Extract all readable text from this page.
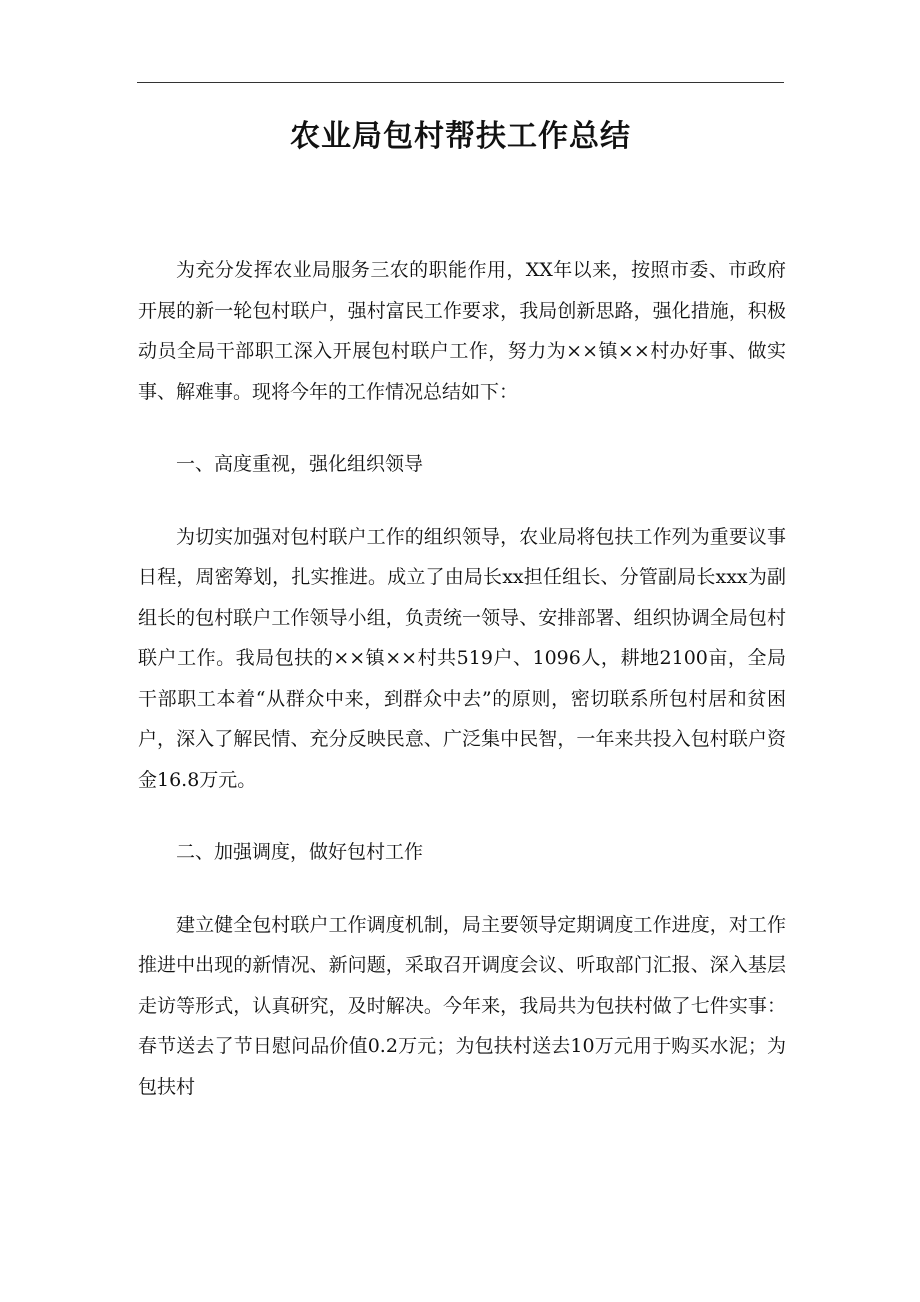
农业局包村帮扶工作总结

为充分发挥农业局服务三农的职能作用，XX年以来，按照市委、市政府开展的新一轮包村联户，强村富民工作要求，我局创新思路，强化措施，积极动员全局干部职工深入开展包村联户工作，努力为××镇××村办好事、做实事、解难事。现将今年的工作情况总结如下：

一、高度重视，强化组织领导

为切实加强对包村联户工作的组织领导，农业局将包扶工作列为重要议事日程，周密筹划，扎实推进。成立了由局长xx担任组长、分管副局长xxx为副组长的包村联户工作领导小组，负责统一领导、安排部署、组织协调全局包村联户工作。我局包扶的××镇××村共519户、1096人，耕地2100亩，全局干部职工本着“从群众中来，到群众中去”的原则，密切联系所包村居和贫困户，深入了解民情、充分反映民意、广泛集中民智，一年来共投入包村联户资金16.8万元。

二、加强调度，做好包村工作

建立健全包村联户工作调度机制，局主要领导定期调度工作进度，对工作推进中出现的新情况、新问题，采取召开调度会议、听取部门汇报、深入基层走访等形式，认真研究，及时解决。今年来，我局共为包扶村做了七件实事：春节送去了节日慰问品价值0.2万元；为包扶村送去10万元用于购买水泥；为包扶村
